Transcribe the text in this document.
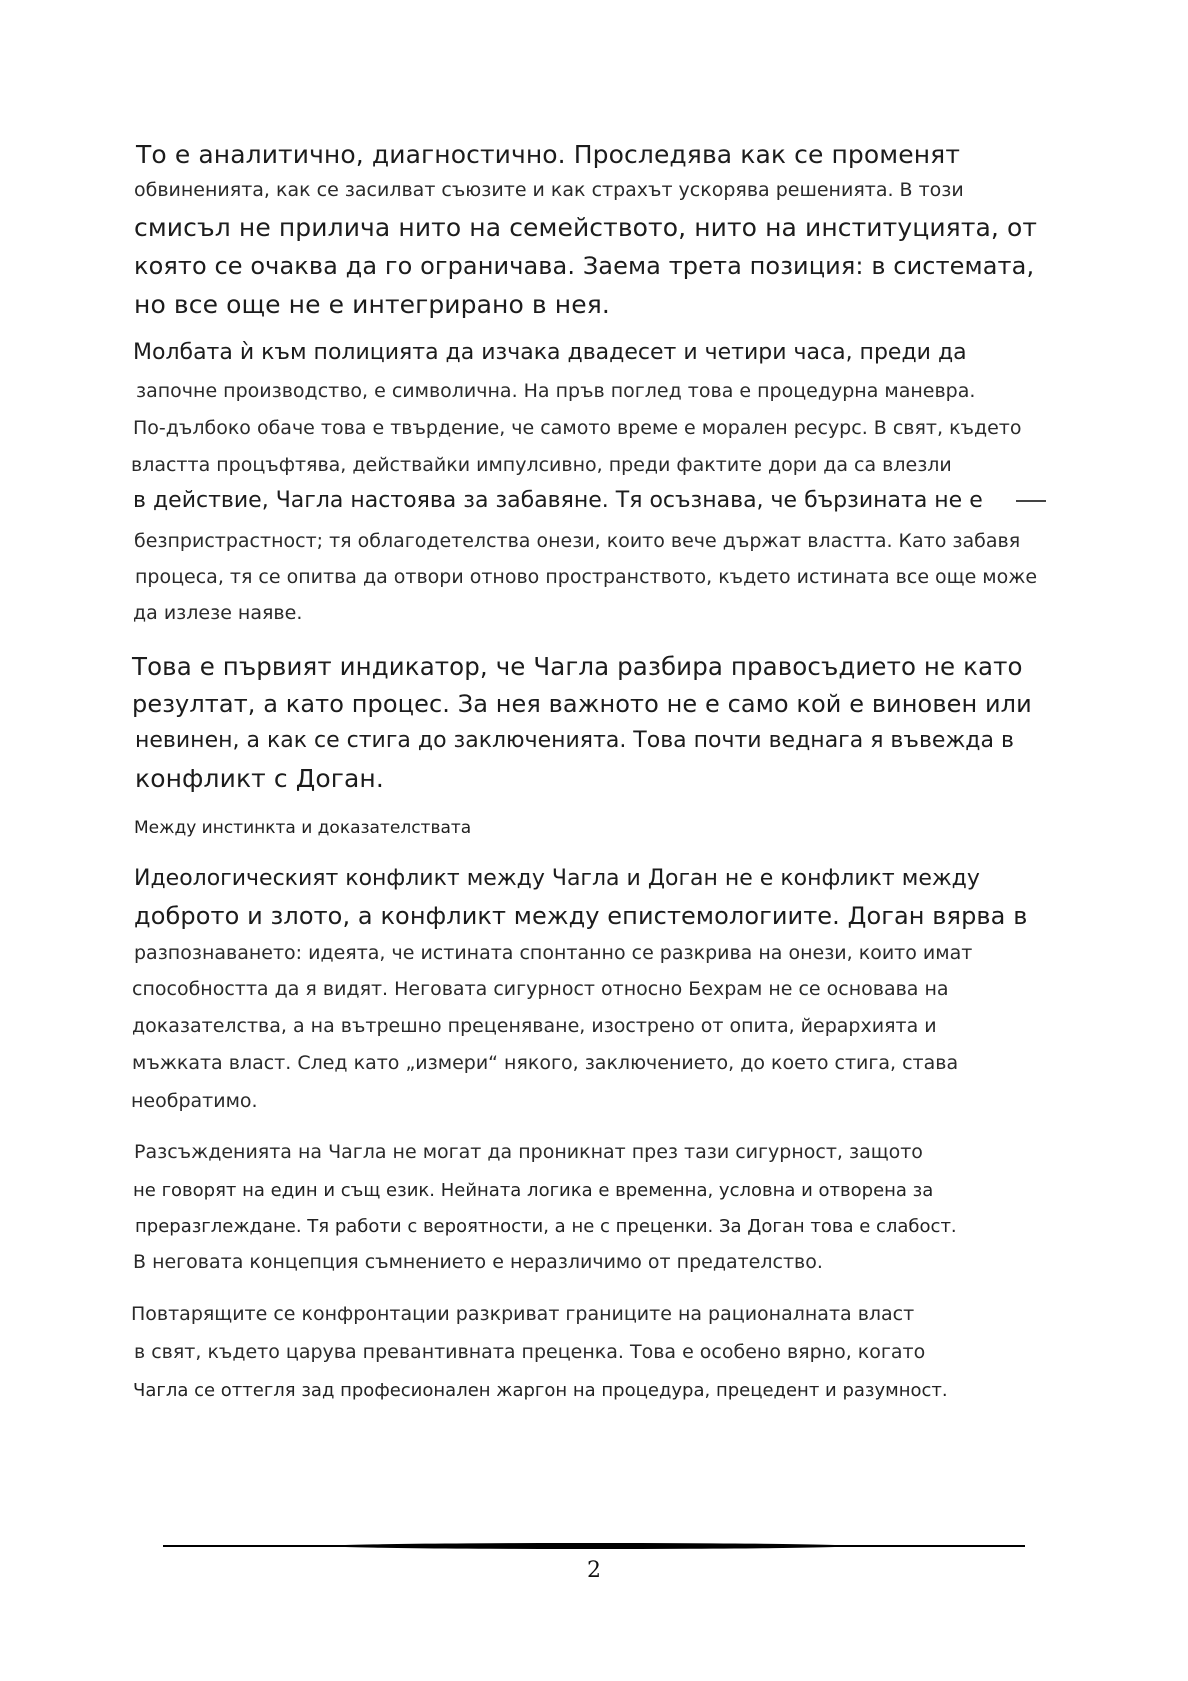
То е аналитично, диагностично. Проследява как се променят

обвиненията, как се засилват съюзите и как страхът ускорява решенията. В този

смисъл не прилича нито на семейството, нито на институцията, от

която се очаква да го ограничава. Заема трета позиция: в системата,

но все още не е интегрирано в нея.

Молбата ѝ към полицията да изчака двадесет и четири часа, преди да

започне производство, е символична. На пръв поглед това е процедурна маневра.

По-дълбоко обаче това е твърдение, че самото време е морален ресурс. В свят, където

властта процъфтява, действайки импулсивно, преди фактите дори да са влезли

в действие, Чагла настоява за забавяне. Тя осъзнава, че бързината не е

безпристрастност; тя облагодетелства онези, които вече държат властта. Като забавя

процеса, тя се опитва да отвори отново пространството, където истината все още може

да излезе наяве.

Това е първият индикатор, че Чагла разбира правосъдието не като

резултат, а като процес. За нея важното не е само кой е виновен или

невинен, а как се стига до заключенията. Това почти веднага я въвежда в

конфликт с Доган.

Между инстинкта и доказателствата

Идеологическият конфликт между Чагла и Доган не е конфликт между

доброто и злото, а конфликт между епистемологиите. Доган вярва в

разпознаването: идеята, че истината спонтанно се разкрива на онези, които имат

способността да я видят. Неговата сигурност относно Бехрам не се основава на

доказателства, а на вътрешно преценяване, изострено от опита, йерархията и

мъжката власт. След като „измери“ някого, заключението, до което стига, става

необратимо.

Разсъжденията на Чагла не могат да проникнат през тази сигурност, защото

не говорят на един и същ език. Нейната логика е временна, условна и отворена за

преразглеждане. Тя работи с вероятности, а не с преценки. За Доган това е слабост.

В неговата концепция съмнението е неразличимо от предателство.

Повтарящите се конфронтации разкриват границите на рационалната власт

в свят, където царува превантивната преценка. Това е особено вярно, когато

Чагла се оттегля зад професионален жаргон на процедура, прецедент и разумност.

2
